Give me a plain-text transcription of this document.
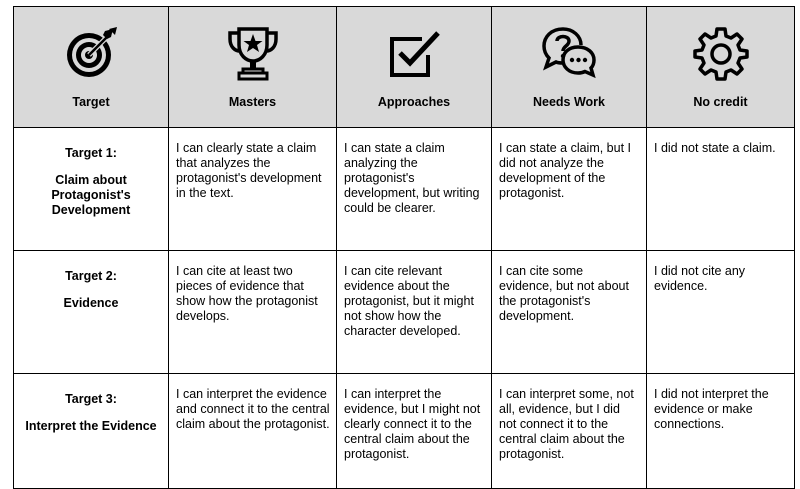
Target	Masters	Approaches	Needs Work	No credit

Target 1:
Claim about Protagonist's Development	I can clearly state a claim that analyzes the protagonist's development in the text.	I can state a claim analyzing the protagonist's development, but writing could be clearer.	I can state a claim, but I did not analyze the development of the protagonist.	I did not state a claim.
Target 2:
Evidence	I can cite at least two pieces of evidence that show how the protagonist develops.	I can cite relevant evidence about the protagonist, but it might not show how the character developed.	I can cite some evidence, but not about the protagonist's development.	I did not cite any evidence.
Target 3:
Interpret the Evidence	I can interpret the evidence and connect it to the central claim about the protagonist.	I can interpret the evidence, but I might not clearly connect it to the central claim about the protagonist.	I can interpret some, not all, evidence, but I did not connect it to the central claim about the protagonist.	I did not interpret the evidence or make connections.
